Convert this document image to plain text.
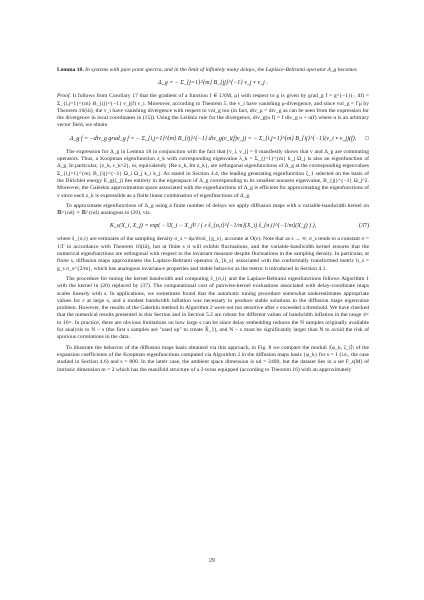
Lemma 18. In systems with pure point spectra, and in the limit of infinitely many delays, the Laplace-Beltrami operator Δ_g becomes

Δ_g = − Σ_{j=1}^{m} B_{jj}^{−1} v_j ∘ v_j .

Proof. It follows from Corollary 17 that the gradient of a function f ∈ L²(M, μ) with respect to g is given by grad_g f = g^{−1}(·, df) = Σ_{i,j=1}^{m} B_{ij}^{−1} v_j(f) v_i. Moreover, according to Theorem 5, the v_i have vanishing μ-divergence, and since vol_g = Γμ by Theorem 16(iii), the v_i have vanishing divergence with respect to vol_g too (in fact, div_μ = div_g as can be seen from the expression for the divergence in local coordinates in (15)). Using the Leibniz rule for the divergence, div_g(u f) = f div_g u + u(f) where u is an arbitrary vector field, we obtain

Δ_g f = −div_g grad_g f = − Σ_{i,j=1}^{m} B_{ij}^{−1} div_g(v_i(f)v_j) = − Σ_{i,j=1}^{m} B_{ij}^{−1}(v_i ∘ v_j)(f). □

The expression for Δ_g in Lemma 18 in conjunction with the fact that [v_i, v_j] = 0 manifestly shows that v and Δ_g are commuting operators. Thus, a Koopman eigenfunction z_k with corresponding eigenvalue λ_k = Σ_{j=1}^{m} k_j Ω_j is also an eigenfunction of Δ_g. In particular, {z_k, c_k^2}, or, equivalently {Re z_k, Im z_k}, are orthogonal eigenfunctions of Δ_g at the corresponding eigenvalues Σ_{i,j=1}^{m} B_{ij}^{−1} Ω_i Ω_j k_i k_j. As stated in Section 4.4, the leading generating eigenfunction ζ_1 selected on the basis of the Dirichlet energy E_g(ζ_j) lies entirely in the eigenspace of Δ_g corresponding to its smallest nonzero eigenvalue, B_{jj}^{−1} Ω_j^2. Moreover, the Galerkin approximation space associated with the eigenfunctions of Δ_g is efficient for approximating the eigenfunctions of v since each z_k is expressible as a finite linear combination of eigenfunctions of Δ_g.

To approximate eigenfunctions of Δ_g using a finite number of delays we apply diffusion maps with a variable-bandwidth kernel on ℝ^{nd} × ℝ^{nd} analogous to (20), viz.

K_ε(X_i, X_j) = exp( − ‖X_i − X_j‖² / ( ε ŝ_{σ,i}^{−1/m}(X_i) ŝ_{σ,i}^{−1/m}(X_j) ) ),	(37)

where ŝ_{σ,i} are estimates of the sampling density σ_s = dμ/dvol_{g_s}, accurate at O(ε). Note that as s → ∞, σ_s tends to a constant σ = 1/Γ in accordance with Theorem 16(iii), but at finite s it will exhibit fluctuations, and the variable-bandwidth kernel ensures that the numerical eigenfunctions are orthogonal with respect to the invariant measure despite fluctuations in the sampling density. In particular, at finite s, diffusion maps approximates the Laplace-Beltrami operator Δ_{h_s} associated with the conformally transformed metric h_s = g_s σ_s^{2/m}, which has analogous invariance properties and stable behavior as the metric h introduced in Section 4.1.

The procedure for tuning the kernel bandwidth and computing ŝ_{σ,i} and the Laplace-Beltrami eigenfunctions follows Algorithm 1 with the kernel in (20) replaced by (37). The computational cost of pairwise-kernel evaluations associated with delay-coordinate maps scales linearly with s. In applications, we sometimes found that the automatic tuning procedure somewhat underestimates appropriate values for ε at large s, and a modest bandwidth inflation was necessary to produce stable solutions to the diffusion maps eigenvalue problem. However, the results of the Galerkin method in Algorithm 2 were not too sensitive after ε exceeded a threshold. We have checked that the numerical results presented in this Section and in Section 5.2 are robust for different values of bandwidth inflation in the range 4× to 16×. In practice, there are obvious limitations on how large s can be since delay embedding reduces the N samples originally available for analysis to N − s (the first s samples are "used up" to create X̃_1), and N − s must be significantly larger than N to avoid the risk of spurious correlations in the data.

To illustrate the behavior of the diffusion maps basis obtained via this approach, in Fig. 8 we compare the moduli |⟨φ_k, ζ_l⟩| of the expansion coefficients of the Koopman eigenfunctions computed via Algorithm 2 in the diffusion maps basis {φ_k} for s = 1 (i.e., the case studied in Section 4.6) and s = 800. In the latter case, the ambient space dimension is nd = 2400, but the dataset lies in a set F_s(M) of intrinsic dimension m = 2 which has the manifold structure of a 2-torus equipped (according to Theorem 16) with an approximately

29
